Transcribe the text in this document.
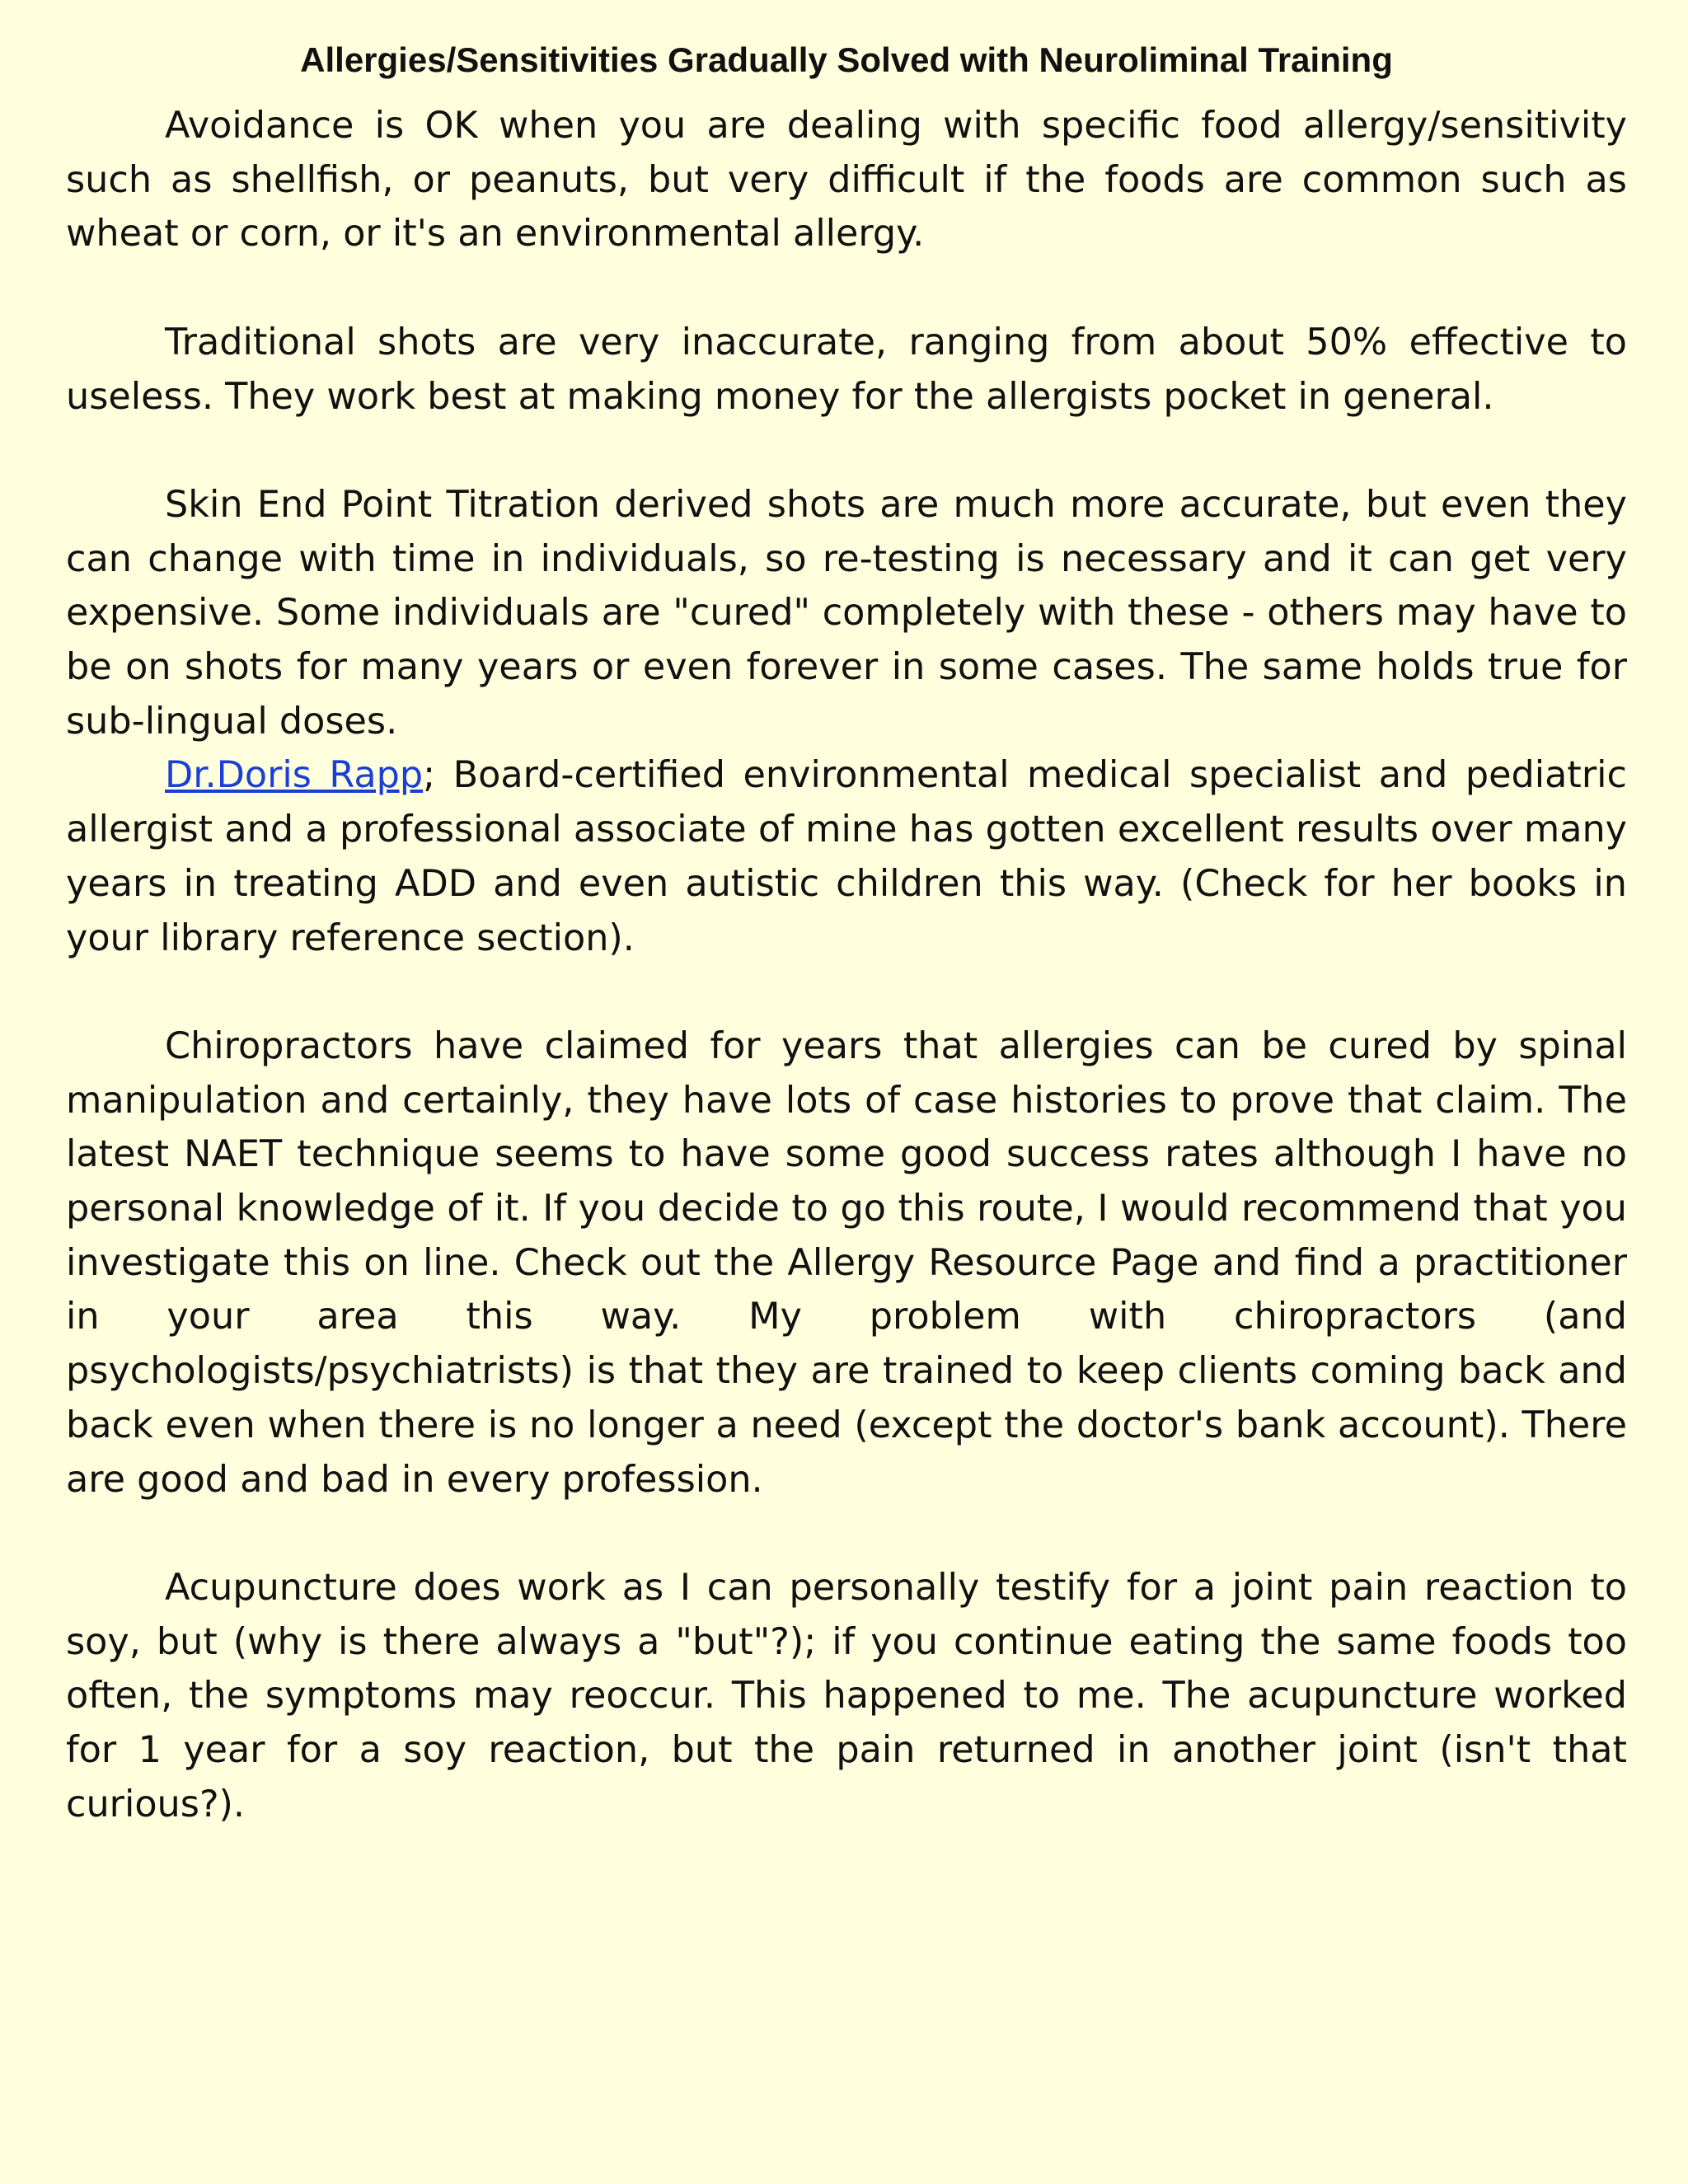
Allergies/Sensitivities Gradually Solved with Neuroliminal Training

Avoidance is OK when you are dealing with specific food allergy/sensitivity such as shellfish, or peanuts, but very difficult if the foods are common such as wheat or corn, or it's an environmental allergy.

Traditional shots are very inaccurate, ranging from about 50% effective to useless. They work best at making money for the allergists pocket in general.

Skin End Point Titration derived shots are much more accurate, but even they can change with time in individuals, so re-testing is necessary and it can get very expensive. Some individuals are "cured" completely with these - others may have to be on shots for many years or even forever in some cases. The same holds true for sub-lingual doses.

Dr.Doris Rapp; Board-certified environmental medical specialist and pediatric allergist and a professional associate of mine has gotten excellent results over many years in treating ADD and even autistic children this way. (Check for her books in your library reference section).

Chiropractors have claimed for years that allergies can be cured by spinal manipulation and certainly, they have lots of case histories to prove that claim. The latest NAET technique seems to have some good success rates although I have no personal knowledge of it. If you decide to go this route, I would recommend that you investigate this on line. Check out the Allergy Resource Page and find a practitioner in your area this way. My problem with chiropractors (and psychologists/psychiatrists) is that they are trained to keep clients coming back and back even when there is no longer a need (except the doctor's bank account). There are good and bad in every profession.

Acupuncture does work as I can personally testify for a joint pain reaction to soy, but (why is there always a "but"?); if you continue eating the same foods too often, the symptoms may reoccur. This happened to me. The acupuncture worked for 1 year for a soy reaction, but the pain returned in another joint (isn't that curious?).
